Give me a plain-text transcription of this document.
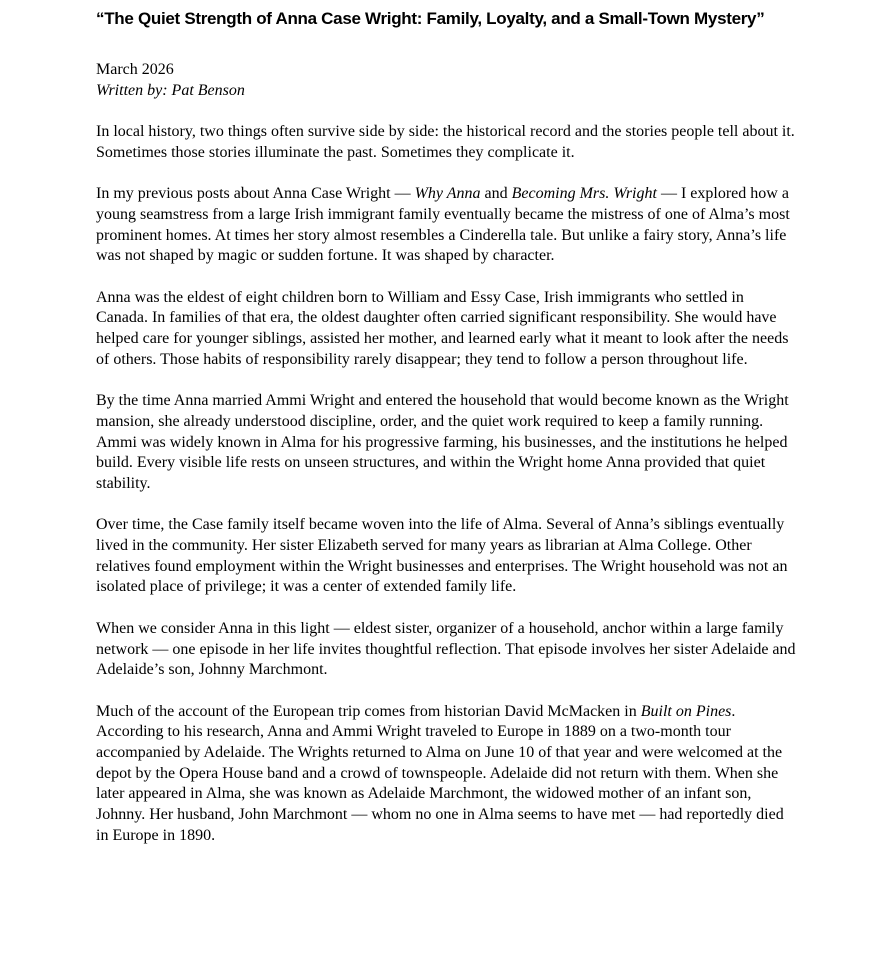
“The Quiet Strength of Anna Case Wright: Family, Loyalty, and a Small-Town Mystery”

March 2026

Written by: Pat Benson

In local history, two things often survive side by side: the historical record and the stories people tell about it. Sometimes those stories illuminate the past. Sometimes they complicate it.

In my previous posts about Anna Case Wright — Why Anna and Becoming Mrs. Wright — I explored how a young seamstress from a large Irish immigrant family eventually became the mistress of one of Alma’s most prominent homes. At times her story almost resembles a Cinderella tale. But unlike a fairy story, Anna’s life was not shaped by magic or sudden fortune. It was shaped by character.

Anna was the eldest of eight children born to William and Essy Case, Irish immigrants who settled in Canada. In families of that era, the oldest daughter often carried significant responsibility. She would have helped care for younger siblings, assisted her mother, and learned early what it meant to look after the needs of others. Those habits of responsibility rarely disappear; they tend to follow a person throughout life.

By the time Anna married Ammi Wright and entered the household that would become known as the Wright mansion, she already understood discipline, order, and the quiet work required to keep a family running. Ammi was widely known in Alma for his progressive farming, his businesses, and the institutions he helped build. Every visible life rests on unseen structures, and within the Wright home Anna provided that quiet stability.

Over time, the Case family itself became woven into the life of Alma. Several of Anna’s siblings eventually lived in the community. Her sister Elizabeth served for many years as librarian at Alma College. Other relatives found employment within the Wright businesses and enterprises. The Wright household was not an isolated place of privilege; it was a center of extended family life.

When we consider Anna in this light — eldest sister, organizer of a household, anchor within a large family network — one episode in her life invites thoughtful reflection. That episode involves her sister Adelaide and Adelaide’s son, Johnny Marchmont.

Much of the account of the European trip comes from historian David McMacken in Built on Pines. According to his research, Anna and Ammi Wright traveled to Europe in 1889 on a two-month tour accompanied by Adelaide. The Wrights returned to Alma on June 10 of that year and were welcomed at the depot by the Opera House band and a crowd of townspeople. Adelaide did not return with them. When she later appeared in Alma, she was known as Adelaide Marchmont, the widowed mother of an infant son, Johnny. Her husband, John Marchmont — whom no one in Alma seems to have met — had reportedly died in Europe in 1890.
